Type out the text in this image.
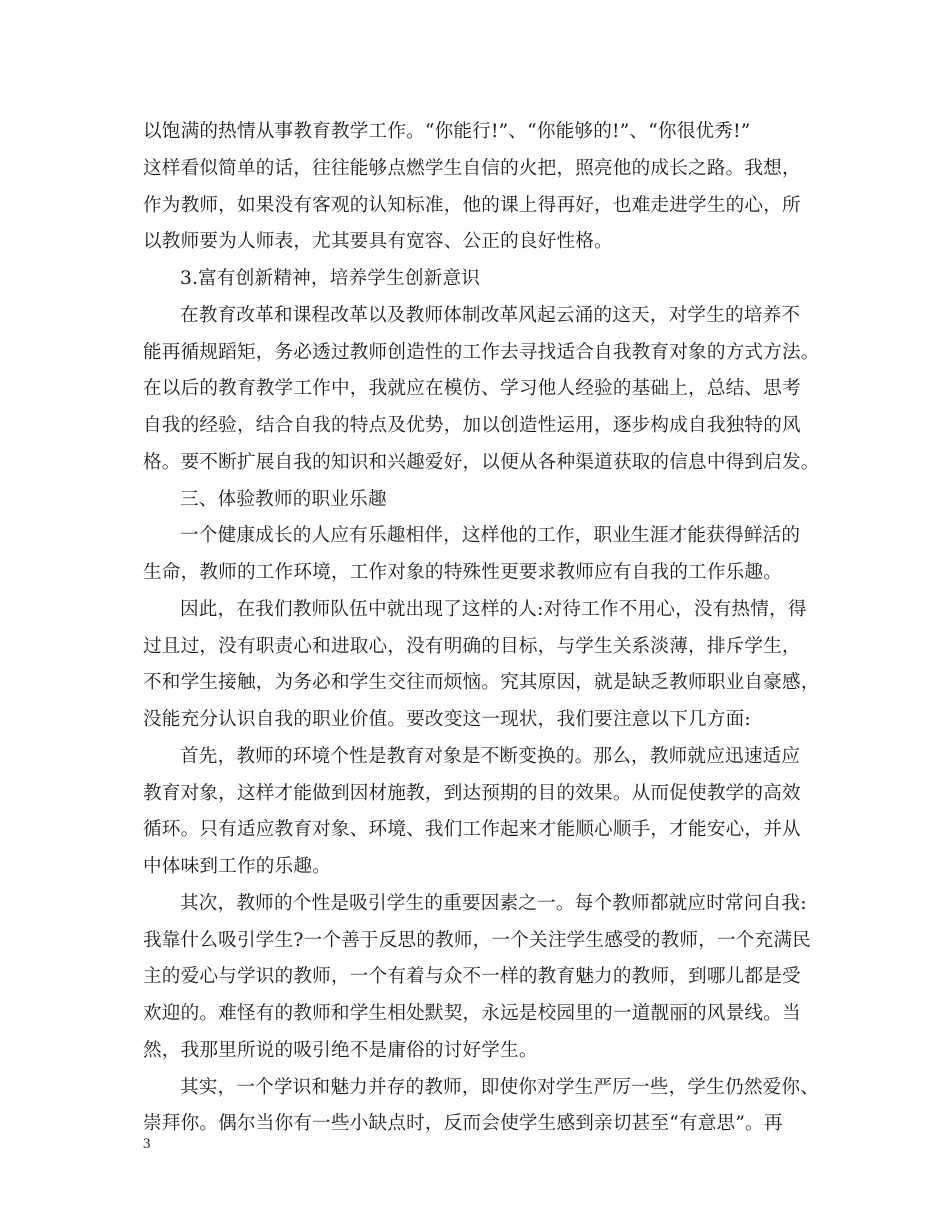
以饱满的热情从事教育教学工作。“你能行!”、“你能够的!”、“你很优秀!”
这样看似简单的话，往往能够点燃学生自信的火把，照亮他的成长之路。我想，
作为教师，如果没有客观的认知标准，他的课上得再好，也难走进学生的心，所
以教师要为人师表，尤其要具有宽容、公正的良好性格。
3.富有创新精神，培养学生创新意识
在教育改革和课程改革以及教师体制改革风起云涌的这天，对学生的培养不
能再循规蹈矩，务必透过教师创造性的工作去寻找适合自我教育对象的方式方法。
在以后的教育教学工作中，我就应在模仿、学习他人经验的基础上，总结、思考
自我的经验，结合自我的特点及优势，加以创造性运用，逐步构成自我独特的风
格。要不断扩展自我的知识和兴趣爱好，以便从各种渠道获取的信息中得到启发。
三、体验教师的职业乐趣
一个健康成长的人应有乐趣相伴，这样他的工作，职业生涯才能获得鲜活的
生命，教师的工作环境，工作对象的特殊性更要求教师应有自我的工作乐趣。
因此，在我们教师队伍中就出现了这样的人:对待工作不用心，没有热情，得
过且过，没有职责心和进取心，没有明确的目标，与学生关系淡薄，排斥学生，
不和学生接触，为务必和学生交往而烦恼。究其原因，就是缺乏教师职业自豪感，
没能充分认识自我的职业价值。要改变这一现状，我们要注意以下几方面:
首先，教师的环境个性是教育对象是不断变换的。那么，教师就应迅速适应
教育对象，这样才能做到因材施教，到达预期的目的效果。从而促使教学的高效
循环。只有适应教育对象、环境、我们工作起来才能顺心顺手，才能安心，并从
中体味到工作的乐趣。
其次，教师的个性是吸引学生的重要因素之一。每个教师都就应时常问自我:
我靠什么吸引学生?一个善于反思的教师，一个关注学生感受的教师，一个充满民
主的爱心与学识的教师，一个有着与众不一样的教育魅力的教师，到哪儿都是受
欢迎的。难怪有的教师和学生相处默契，永远是校园里的一道靓丽的风景线。当
然，我那里所说的吸引绝不是庸俗的讨好学生。
其实，一个学识和魅力并存的教师，即使你对学生严厉一些，学生仍然爱你、
崇拜你。偶尔当你有一些小缺点时，反而会使学生感到亲切甚至“有意思”。再
3
